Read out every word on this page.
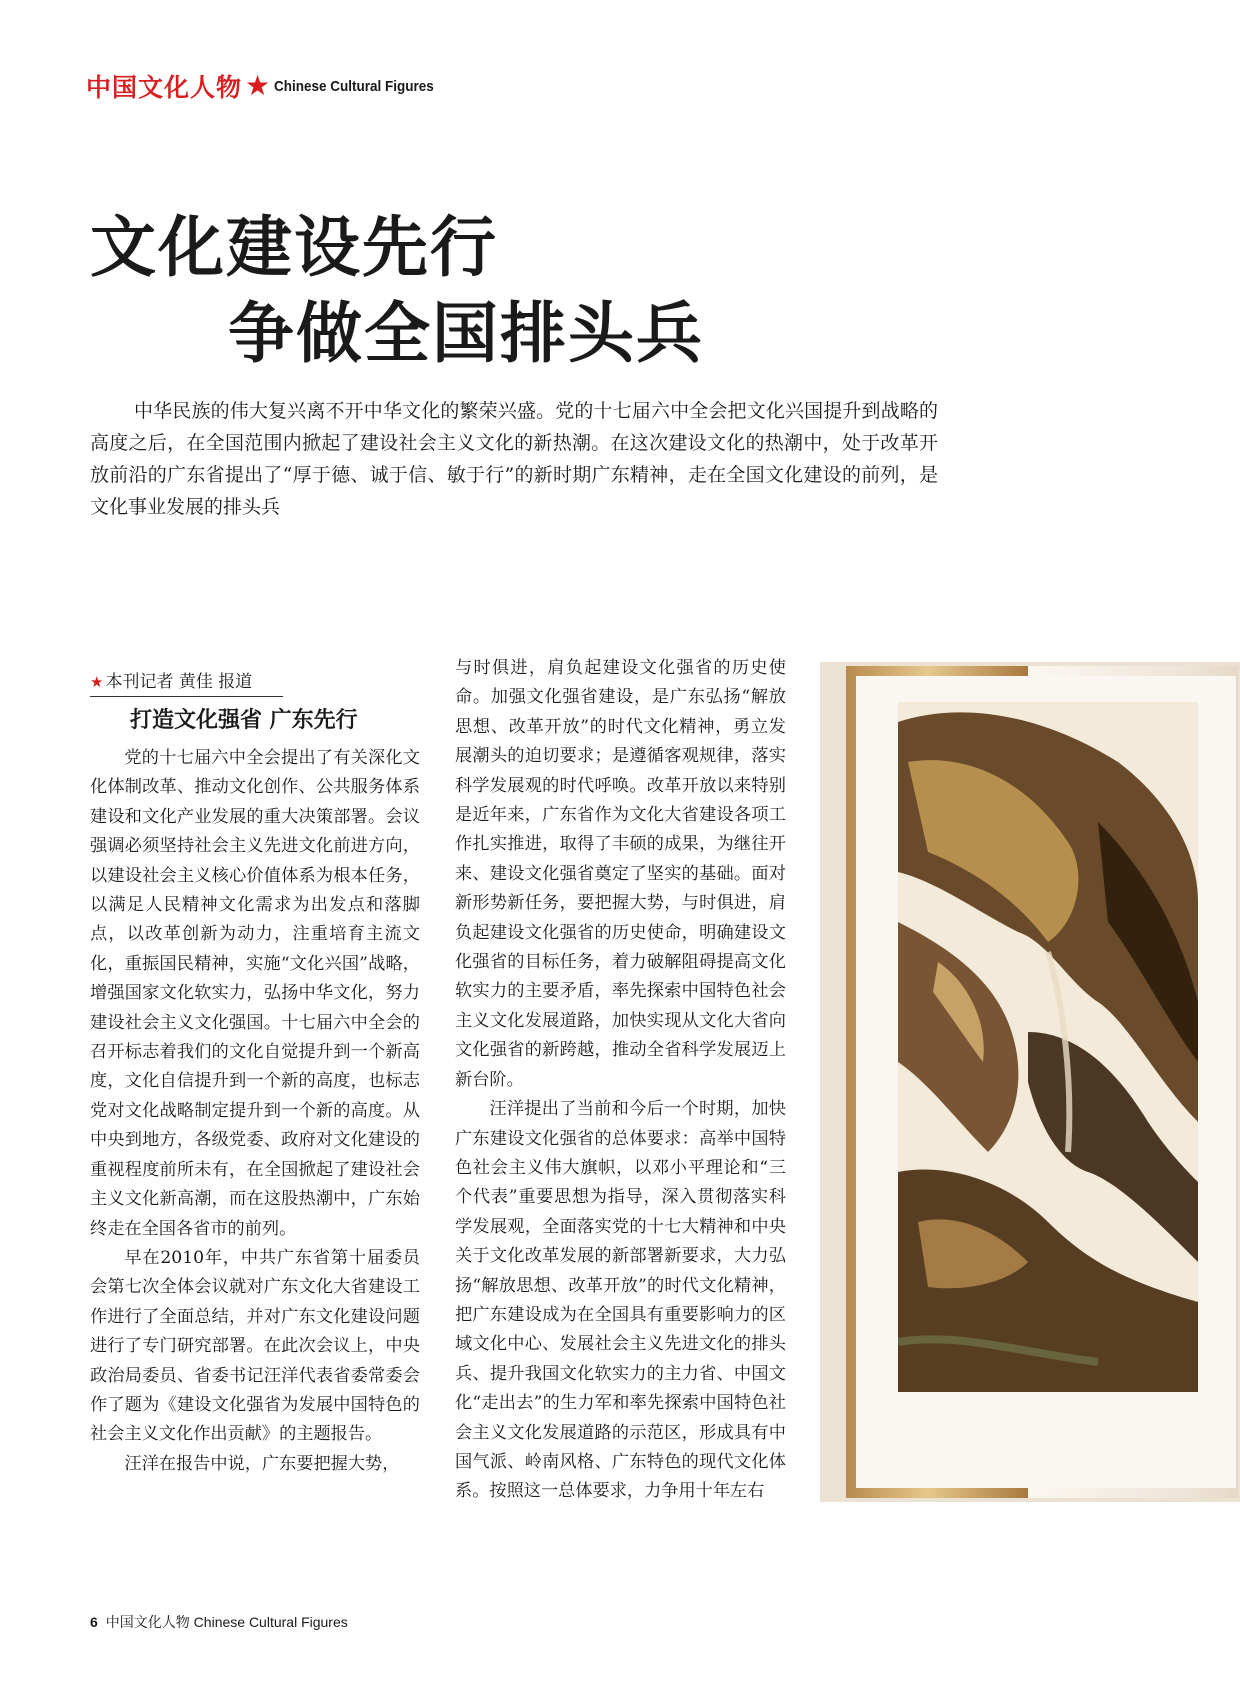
中国文化人物 ★ Chinese Cultural Figures
文化建设先行
争做全国排头兵
中华民族的伟大复兴离不开中华文化的繁荣兴盛。党的十七届六中全会把文化兴国提升到战略的高度之后，在全国范围内掀起了建设社会主义文化的新热潮。在这次建设文化的热潮中，处于改革开放前沿的广东省提出了“厚于德、诚于信、敏于行”的新时期广东精神，走在全国文化建设的前列，是文化事业发展的排头兵
★ 本刊记者 黄佳 报道
打造文化强省 广东先行

党的十七届六中全会提出了有关深化文化体制改革、推动文化创作、公共服务体系建设和文化产业发展的重大决策部署。会议强调必须坚持社会主义先进文化前进方向，以建设社会主义核心价值体系为根本任务，以满足人民精神文化需求为出发点和落脚点，以改革创新为动力，注重培育主流文化，重振国民精神，实施“文化兴国”战略，增强国家文化软实力，弘扬中华文化，努力建设社会主义文化强国。十七届六中全会的召开标志着我们的文化自觉提升到一个新高度，文化自信提升到一个新的高度，也标志党对文化战略制定提升到一个新的高度。从中央到地方，各级党委、政府对文化建设的重视程度前所未有，在全国掀起了建设社会主义文化新高潮，而在这股热潮中，广东始终走在全国各省市的前列。

早在2010年，中共广东省第十届委员会第七次全体会议就对广东文化大省建设工作进行了全面总结，并对广东文化建设问题进行了专门研究部署。在此次会议上，中央政治局委员、省委书记汪洋代表省委常委会作了题为《建设文化强省为发展中国特色的社会主义文化作出贡献》的主题报告。

汪洋在报告中说，广东要把握大势，

与时俱进，肩负起建设文化强省的历史使命。加强文化强省建设，是广东弘扬“解放思想、改革开放”的时代文化精神，勇立发展潮头的迫切要求；是遵循客观规律，落实科学发展观的时代呼唤。改革开放以来特别是近年来，广东省作为文化大省建设各项工作扎实推进，取得了丰硕的成果，为继往开来、建设文化强省奠定了坚实的基础。面对新形势新任务，要把握大势，与时俱进，肩负起建设文化强省的历史使命，明确建设文化强省的目标任务，着力破解阻碍提高文化软实力的主要矛盾，率先探索中国特色社会主义文化发展道路，加快实现从文化大省向文化强省的新跨越，推动全省科学发展迈上新台阶。

汪洋提出了当前和今后一个时期，加快广东建设文化强省的总体要求：高举中国特色社会主义伟大旗帜，以邓小平理论和“三个代表”重要思想为指导，深入贯彻落实科学发展观，全面落实党的十七大精神和中央关于文化改革发展的新部署新要求，大力弘扬“解放思想、改革开放”的时代文化精神，把广东建设成为在全国具有重要影响力的区域文化中心、发展社会主义先进文化的排头兵、提升我国文化软实力的主力省、中国文化“走出去”的生力军和率先探索中国特色社会主义文化发展道路的示范区，形成具有中国气派、岭南风格、广东特色的现代文化体系。按照这一总体要求，力争用十年左右

6 中国文化人物 Chinese Cultural Figures
